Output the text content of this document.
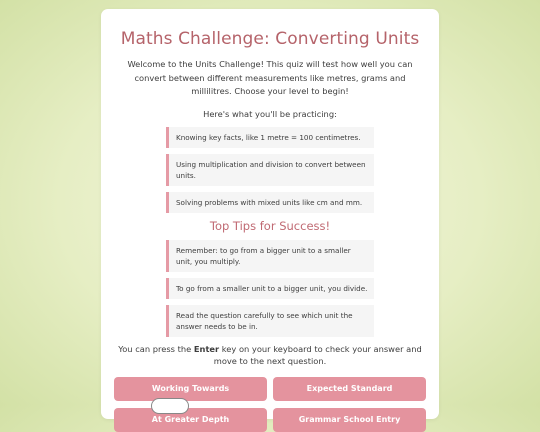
Maths Challenge: Converting Units

Welcome to the Units Challenge! This quiz will test how well you can convert between different measurements like metres, grams and millilitres. Choose your level to begin!

Here's what you'll be practicing:

Knowing key facts, like 1 metre = 100 centimetres.
Using multiplication and division to convert between units.
Solving problems with mixed units like cm and mm.
Top Tips for Success!
Remember: to go from a bigger unit to a smaller unit, you multiply.
To go from a smaller unit to a bigger unit, you divide.
Read the question carefully to see which unit the answer needs to be in.

You can press the Enter key on your keyboard to check your answer and move to the next question.

Working Towards	Expected Standard
At Greater Depth	Grammar School Entry
